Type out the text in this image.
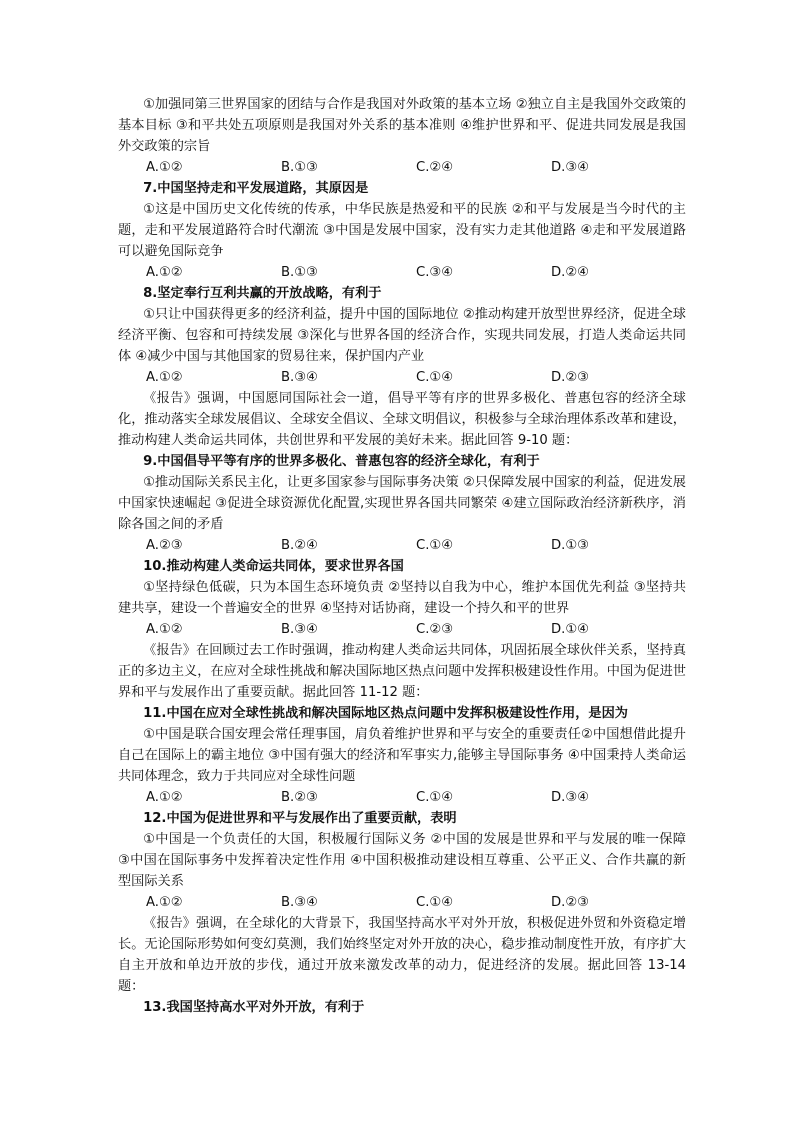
①加强同第三世界国家的团结与合作是我国对外政策的基本立场 ②独立自主是我国外交政策的基本目标 ③和平共处五项原则是我国对外关系的基本准则 ④维护世界和平、促进共同发展是我国外交政策的宗旨

A.①②	B.①③	C.②④	D.③④

7.中国坚持走和平发展道路，其原因是

①这是中国历史文化传统的传承，中华民族是热爱和平的民族 ②和平与发展是当今时代的主题，走和平发展道路符合时代潮流 ③中国是发展中国家，没有实力走其他道路 ④走和平发展道路可以避免国际竞争

A.①②	B.①③	C.③④	D.②④

8.坚定奉行互利共赢的开放战略，有利于

①只让中国获得更多的经济利益，提升中国的国际地位 ②推动构建开放型世界经济，促进全球经济平衡、包容和可持续发展 ③深化与世界各国的经济合作，实现共同发展，打造人类命运共同体 ④减少中国与其他国家的贸易往来，保护国内产业

A.①②	B.③④	C.①④	D.②③

《报告》强调，中国愿同国际社会一道，倡导平等有序的世界多极化、普惠包容的经济全球化，推动落实全球发展倡议、全球安全倡议、全球文明倡议，积极参与全球治理体系改革和建设，推动构建人类命运共同体，共创世界和平发展的美好未来。据此回答 9-10 题：

9.中国倡导平等有序的世界多极化、普惠包容的经济全球化，有利于

①推动国际关系民主化，让更多国家参与国际事务决策 ②只保障发展中国家的利益，促进发展中国家快速崛起 ③促进全球资源优化配置,实现世界各国共同繁荣 ④建立国际政治经济新秩序，消除各国之间的矛盾

A.②③	B.②④	C.①④	D.①③

10.推动构建人类命运共同体，要求世界各国

①坚持绿色低碳，只为本国生态环境负责 ②坚持以自我为中心，维护本国优先利益 ③坚持共建共享，建设一个普遍安全的世界 ④坚持对话协商，建设一个持久和平的世界

A.①②	B.③④	C.②③	D.①④

《报告》在回顾过去工作时强调，推动构建人类命运共同体，巩固拓展全球伙伴关系，坚持真正的多边主义，在应对全球性挑战和解决国际地区热点问题中发挥积极建设性作用。中国为促进世界和平与发展作出了重要贡献。据此回答 11-12 题：

11.中国在应对全球性挑战和解决国际地区热点问题中发挥积极建设性作用，是因为

①中国是联合国安理会常任理事国，肩负着维护世界和平与安全的重要责任②中国想借此提升自己在国际上的霸主地位 ③中国有强大的经济和军事实力,能够主导国际事务 ④中国秉持人类命运共同体理念，致力于共同应对全球性问题

A.①②	B.②③	C.①④	D.③④

12.中国为促进世界和平与发展作出了重要贡献，表明

①中国是一个负责任的大国，积极履行国际义务 ②中国的发展是世界和平与发展的唯一保障 ③中国在国际事务中发挥着决定性作用 ④中国积极推动建设相互尊重、公平正义、合作共赢的新型国际关系

A.①②	B.③④	C.①④	D.②③

《报告》强调，在全球化的大背景下，我国坚持高水平对外开放，积极促进外贸和外资稳定增长。无论国际形势如何变幻莫测，我们始终坚定对外开放的决心，稳步推动制度性开放，有序扩大自主开放和单边开放的步伐，通过开放来激发改革的动力，促进经济的发展。据此回答 13-14 题：

13.我国坚持高水平对外开放，有利于
